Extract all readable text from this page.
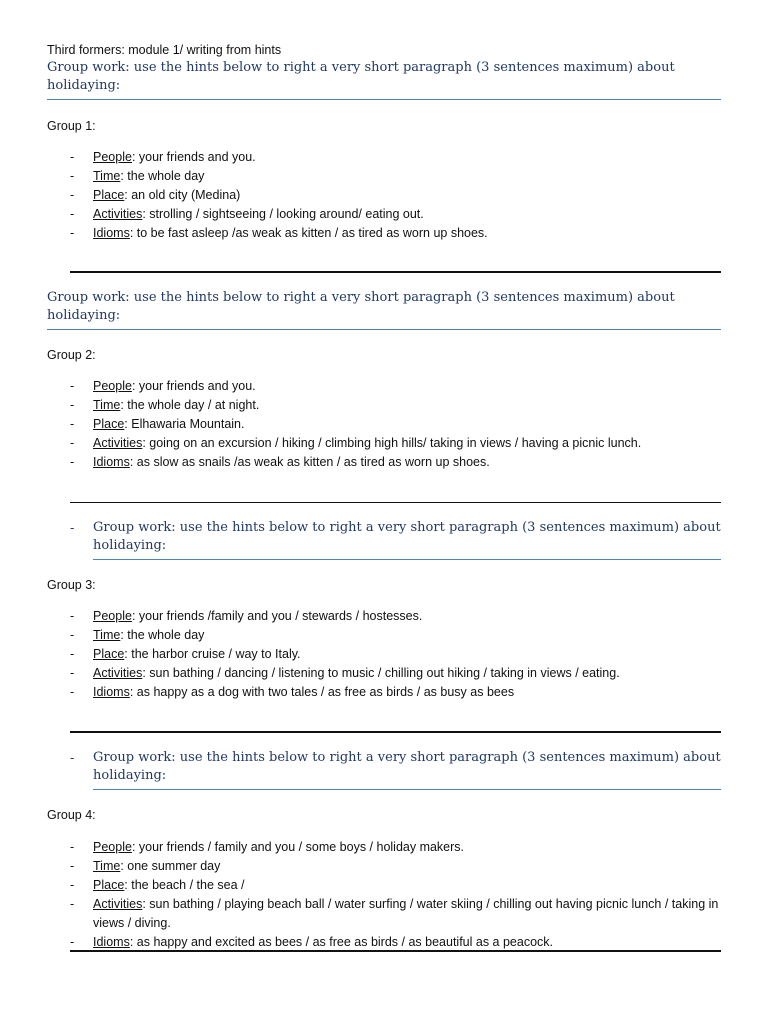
Third formers: module 1/ writing from hints
Group work: use the hints below to right a very short paragraph (3 sentences maximum) about holidaying:
Group 1:
- People: your friends and you.
- Time: the whole day
- Place: an old city (Medina)
- Activities: strolling / sightseeing / looking around/ eating out.
- Idioms: to be fast asleep /as weak as kitten / as tired as worn up shoes.
Group work: use the hints below to right a very short paragraph (3 sentences maximum) about holidaying:
Group 2:
- People: your friends and you.
- Time: the whole day / at night.
- Place: Elhawaria Mountain.
- Activities: going on an excursion / hiking / climbing high hills/ taking in views / having a picnic lunch.
- Idioms: as slow as snails /as weak as kitten / as tired as worn up shoes.
- Group work: use the hints below to right a very short paragraph (3 sentences maximum) about holidaying:
Group 3:
- People: your friends /family and you / stewards / hostesses.
- Time: the whole day
- Place: the harbor cruise / way to Italy.
- Activities: sun bathing / dancing / listening to music / chilling out hiking / taking in views / eating.
- Idioms: as happy as a dog with two tales / as free as birds / as busy as bees
- Group work: use the hints below to right a very short paragraph (3 sentences maximum) about holidaying:
Group 4:
- People: your friends / family and you / some boys / holiday makers.
- Time: one summer day
- Place: the beach / the sea /
- Activities: sun bathing / playing beach ball / water surfing / water skiing / chilling out having picnic lunch / taking in views / diving.
- Idioms: as happy and excited as bees / as free as birds / as beautiful as a peacock.
